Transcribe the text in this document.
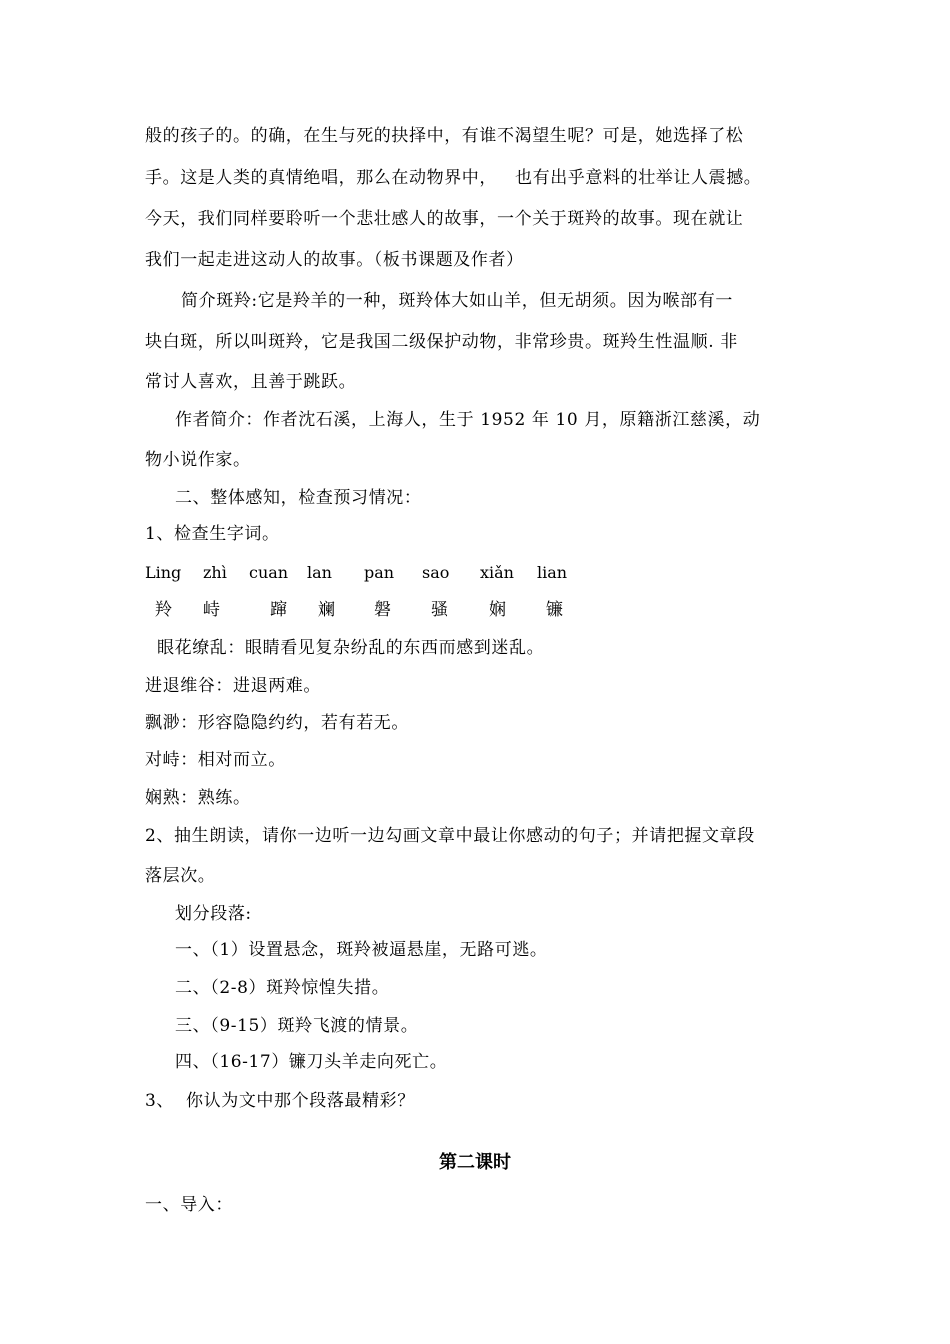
般的孩子的。的确，在生与死的抉择中，有谁不渴望生呢？可是，她选择了松
手。这是人类的真情绝唱，那么在动物界中，   也有出乎意料的壮举让人震撼。
今天，我们同样要聆听一个悲壮感人的故事，一个关于斑羚的故事。现在就让
我们一起走进这动人的故事。（板书课题及作者）
简介斑羚:它是羚羊的一种，斑羚体大如山羊，但无胡须。因为喉部有一
块白斑，所以叫斑羚，它是我国二级保护动物，非常珍贵。斑羚生性温顺. 非
常讨人喜欢，且善于跳跃。
作者简介：作者沈石溪，上海人，生于 1952 年 10 月，原籍浙江慈溪，动
物小说作家。
二、整体感知，检查预习情况：
1、检查生字词。
Ling zhì cuan lan pan sao xiǎn lian
羚 峙	蹿 斓 磐 骚 娴 镰
眼花缭乱：眼睛看见复杂纷乱的东西而感到迷乱。
进退维谷：进退两难。
飘渺：形容隐隐约约，若有若无。
对峙：相对而立。
娴熟：熟练。
2、抽生朗读，请你一边听一边勾画文章中最让你感动的句子；并请把握文章段
落层次。
划分段落:
一、（1）设置悬念，斑羚被逼悬崖，无路可逃。
二、（2-8）斑羚惊惶失措。
三、（9-15）斑羚飞渡的情景。
四、（16-17）镰刀头羊走向死亡。
3、  你认为文中那个段落最精彩？
第二课时
一、导入：
